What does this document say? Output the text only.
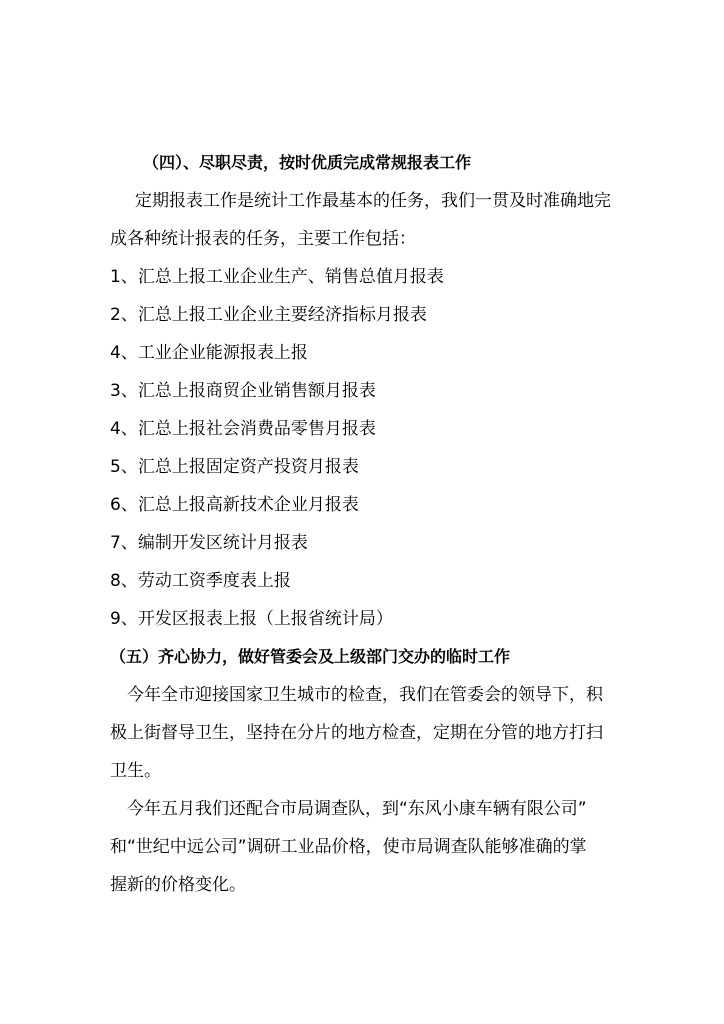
（四）、尽职尽责，按时优质完成常规报表工作
定期报表工作是统计工作最基本的任务，我们一贯及时准确地完
成各种统计报表的任务，主要工作包括：
1、汇总上报工业企业生产、销售总值月报表
2、汇总上报工业企业主要经济指标月报表
4、工业企业能源报表上报
3、汇总上报商贸企业销售额月报表
4、汇总上报社会消费品零售月报表
5、汇总上报固定资产投资月报表
6、汇总上报高新技术企业月报表
7、编制开发区统计月报表
8、劳动工资季度表上报
9、开发区报表上报（上报省统计局）
（五）齐心协力，做好管委会及上级部门交办的临时工作
今年全市迎接国家卫生城市的检查，我们在管委会的领导下，积
极上街督导卫生，坚持在分片的地方检查，定期在分管的地方打扫
卫生。
今年五月我们还配合市局调查队，到“东风小康车辆有限公司”
和“世纪中远公司”调研工业品价格，使市局调查队能够准确的掌
握新的价格变化。
